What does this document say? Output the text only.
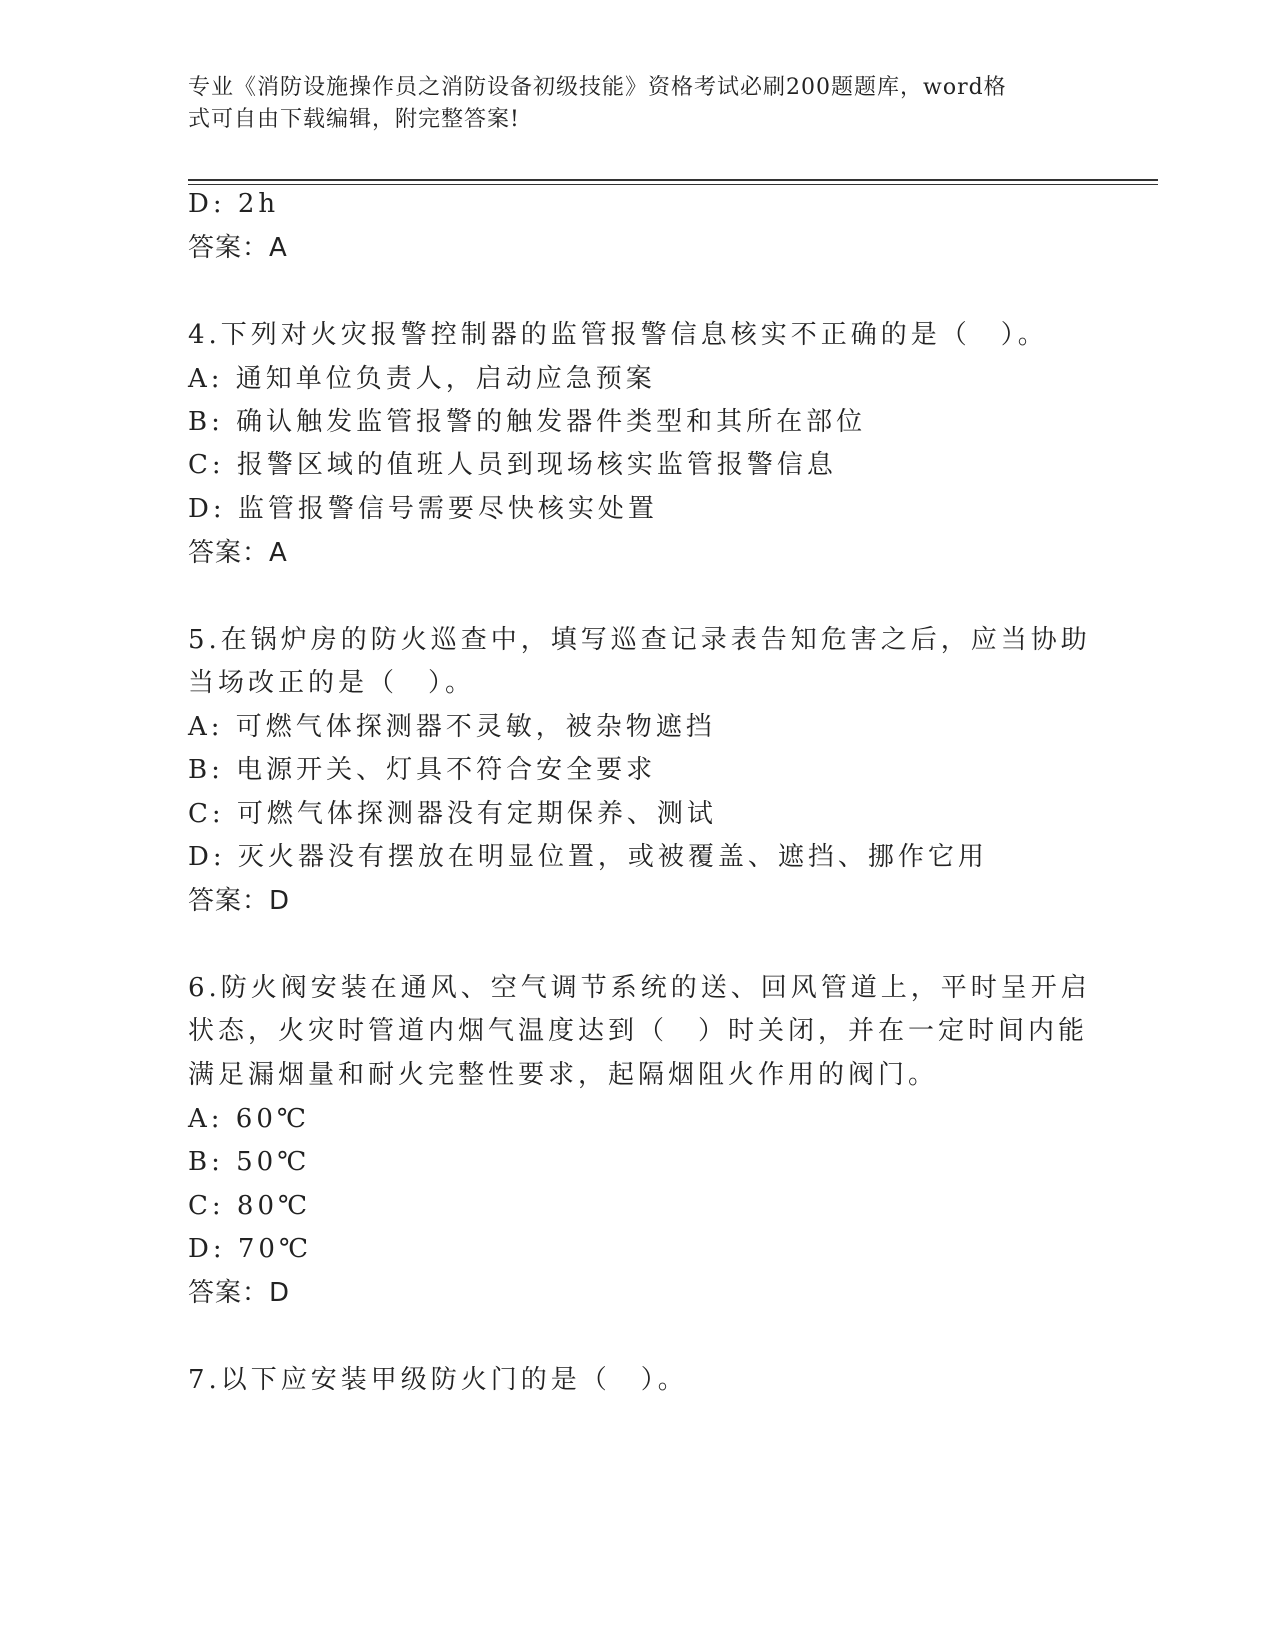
专业《消防设施操作员之消防设备初级技能》资格考试必刷200题题库，word格
式可自由下载编辑，附完整答案!
D: 2h
答案：A
4.下列对火灾报警控制器的监管报警信息核实不正确的是（　）。
A: 通知单位负责人，启动应急预案
B: 确认触发监管报警的触发器件类型和其所在部位
C: 报警区域的值班人员到现场核实监管报警信息
D: 监管报警信号需要尽快核实处置
答案：A
5.在锅炉房的防火巡查中，填写巡查记录表告知危害之后，应当协助
当场改正的是（　）。
A: 可燃气体探测器不灵敏，被杂物遮挡
B: 电源开关、灯具不符合安全要求
C: 可燃气体探测器没有定期保养、测试
D: 灭火器没有摆放在明显位置，或被覆盖、遮挡、挪作它用
答案：D
6.防火阀安装在通风、空气调节系统的送、回风管道上，平时呈开启
状态，火灾时管道内烟气温度达到（　）时关闭，并在一定时间内能
满足漏烟量和耐火完整性要求，起隔烟阻火作用的阀门。
A: 60℃
B: 50℃
C: 80℃
D: 70℃
答案：D
7.以下应安装甲级防火门的是（　）。
